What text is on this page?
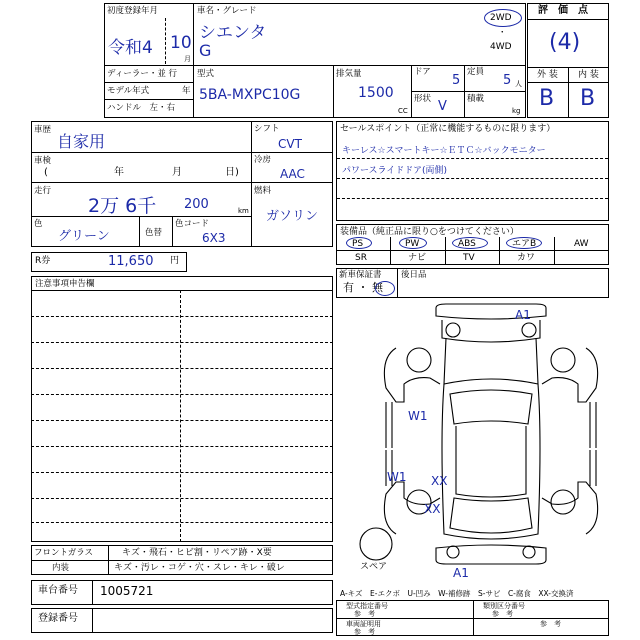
初度登録年月
令和4 10
月
車名・グレード
シエンタ
G
2WD
・
4WD
ディーラー・並 行
モデル年式	年
ハンドル　左・右
型式
5BA-MXPC10G
排気量
1500
CC
ドア
5
形状 V
定員
5 人
積載
kg
評　価　点
(4)
外 装 内 装
B B
車歴
自家用
車検
(	年	月	日)
走行
2万 6千 200	km
色
グリーン	色替
色コード
6X3
シフト
CVT
冷房
AAC
燃料
ガソリン
R券	11,650 円
セールスポイント（正常に機能するものに限ります）
キーレス☆スマートキー☆ＥＴＣ☆バックモニター
パワースライドドア(両側)
装備品（純正品に限り○をつけてください）
PS	PW	ABS	エアB	AW
SR	ナビ	TV	カワ
新車保証書
有 ・ 無
後日品
注意事項申告欄
A1
W1
W1 XX
XX
A1
スペア
フロントガラス	キズ・飛石・ヒビ割・リペア跡・X要
内装	キズ・汚レ・コゲ・穴・スレ・キレ・破レ
車台番号 1005721
登録番号
A-キズ　E-エクボ　U-凹み　W-補修跡　S-サビ　C-腐食　XX-交換済
型式指定番号
参　考
類別区分番号
参　考
車両証明用
参　考
参　考
